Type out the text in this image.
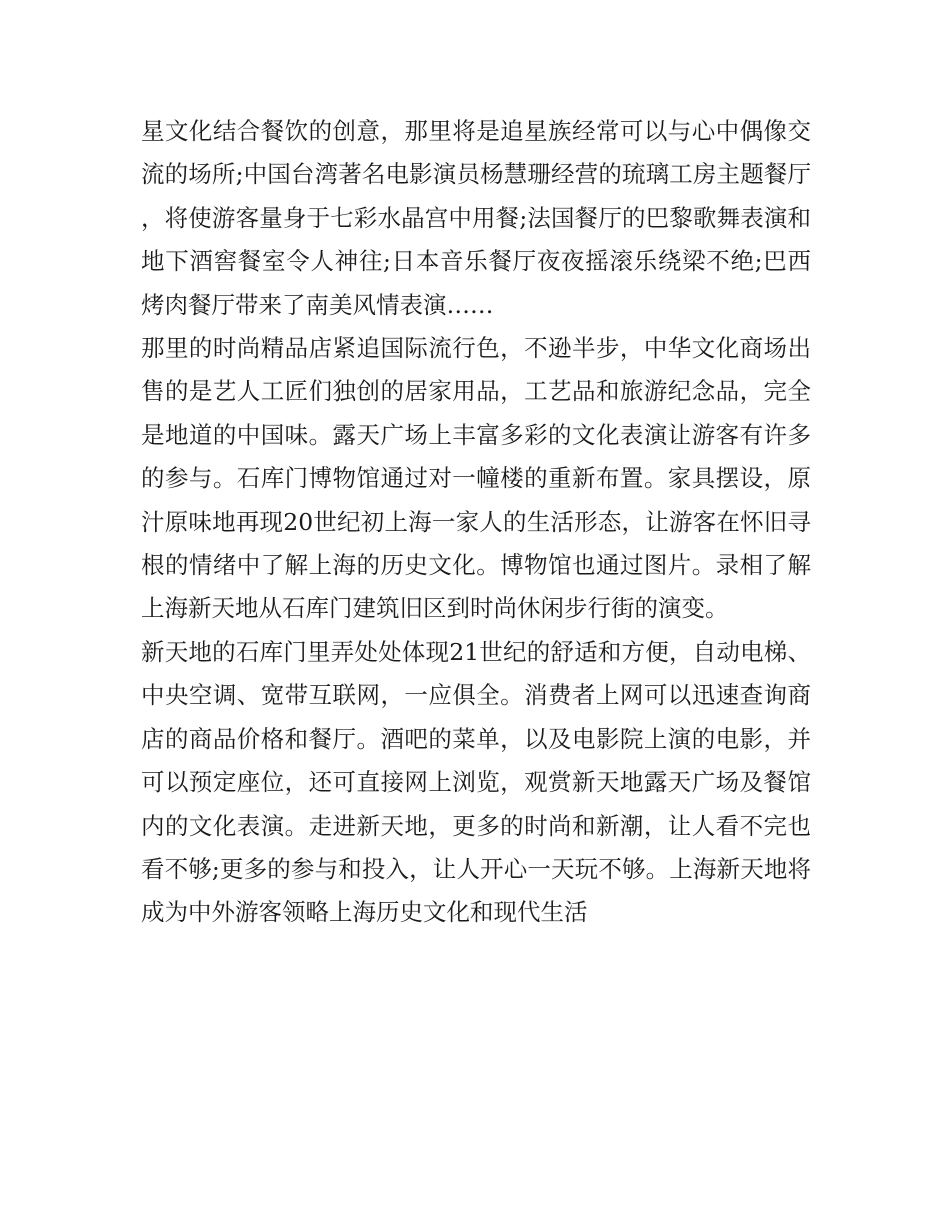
星文化结合餐饮的创意，那里将是追星族经常可以与心中偶像交流的场所;中国台湾著名电影演员杨慧珊经营的琉璃工房主题餐厅，将使游客量身于七彩水晶宫中用餐;法国餐厅的巴黎歌舞表演和地下酒窖餐室令人神往;日本音乐餐厅夜夜摇滚乐绕梁不绝;巴西烤肉餐厅带来了南美风情表演……

那里的时尚精品店紧追国际流行色，不逊半步，中华文化商场出售的是艺人工匠们独创的居家用品，工艺品和旅游纪念品，完全是地道的中国味。露天广场上丰富多彩的文化表演让游客有许多的参与。石库门博物馆通过对一幢楼的重新布置。家具摆设，原汁原味地再现20世纪初上海一家人的生活形态，让游客在怀旧寻根的情绪中了解上海的历史文化。博物馆也通过图片。录相了解上海新天地从石库门建筑旧区到时尚休闲步行街的演变。

新天地的石库门里弄处处体现21世纪的舒适和方便，自动电梯、中央空调、宽带互联网，一应俱全。消费者上网可以迅速查询商店的商品价格和餐厅。酒吧的菜单，以及电影院上演的电影，并可以预定座位，还可直接网上浏览，观赏新天地露天广场及餐馆内的文化表演。走进新天地，更多的时尚和新潮，让人看不完也看不够;更多的参与和投入，让人开心一天玩不够。上海新天地将成为中外游客领略上海历史文化和现代生活
